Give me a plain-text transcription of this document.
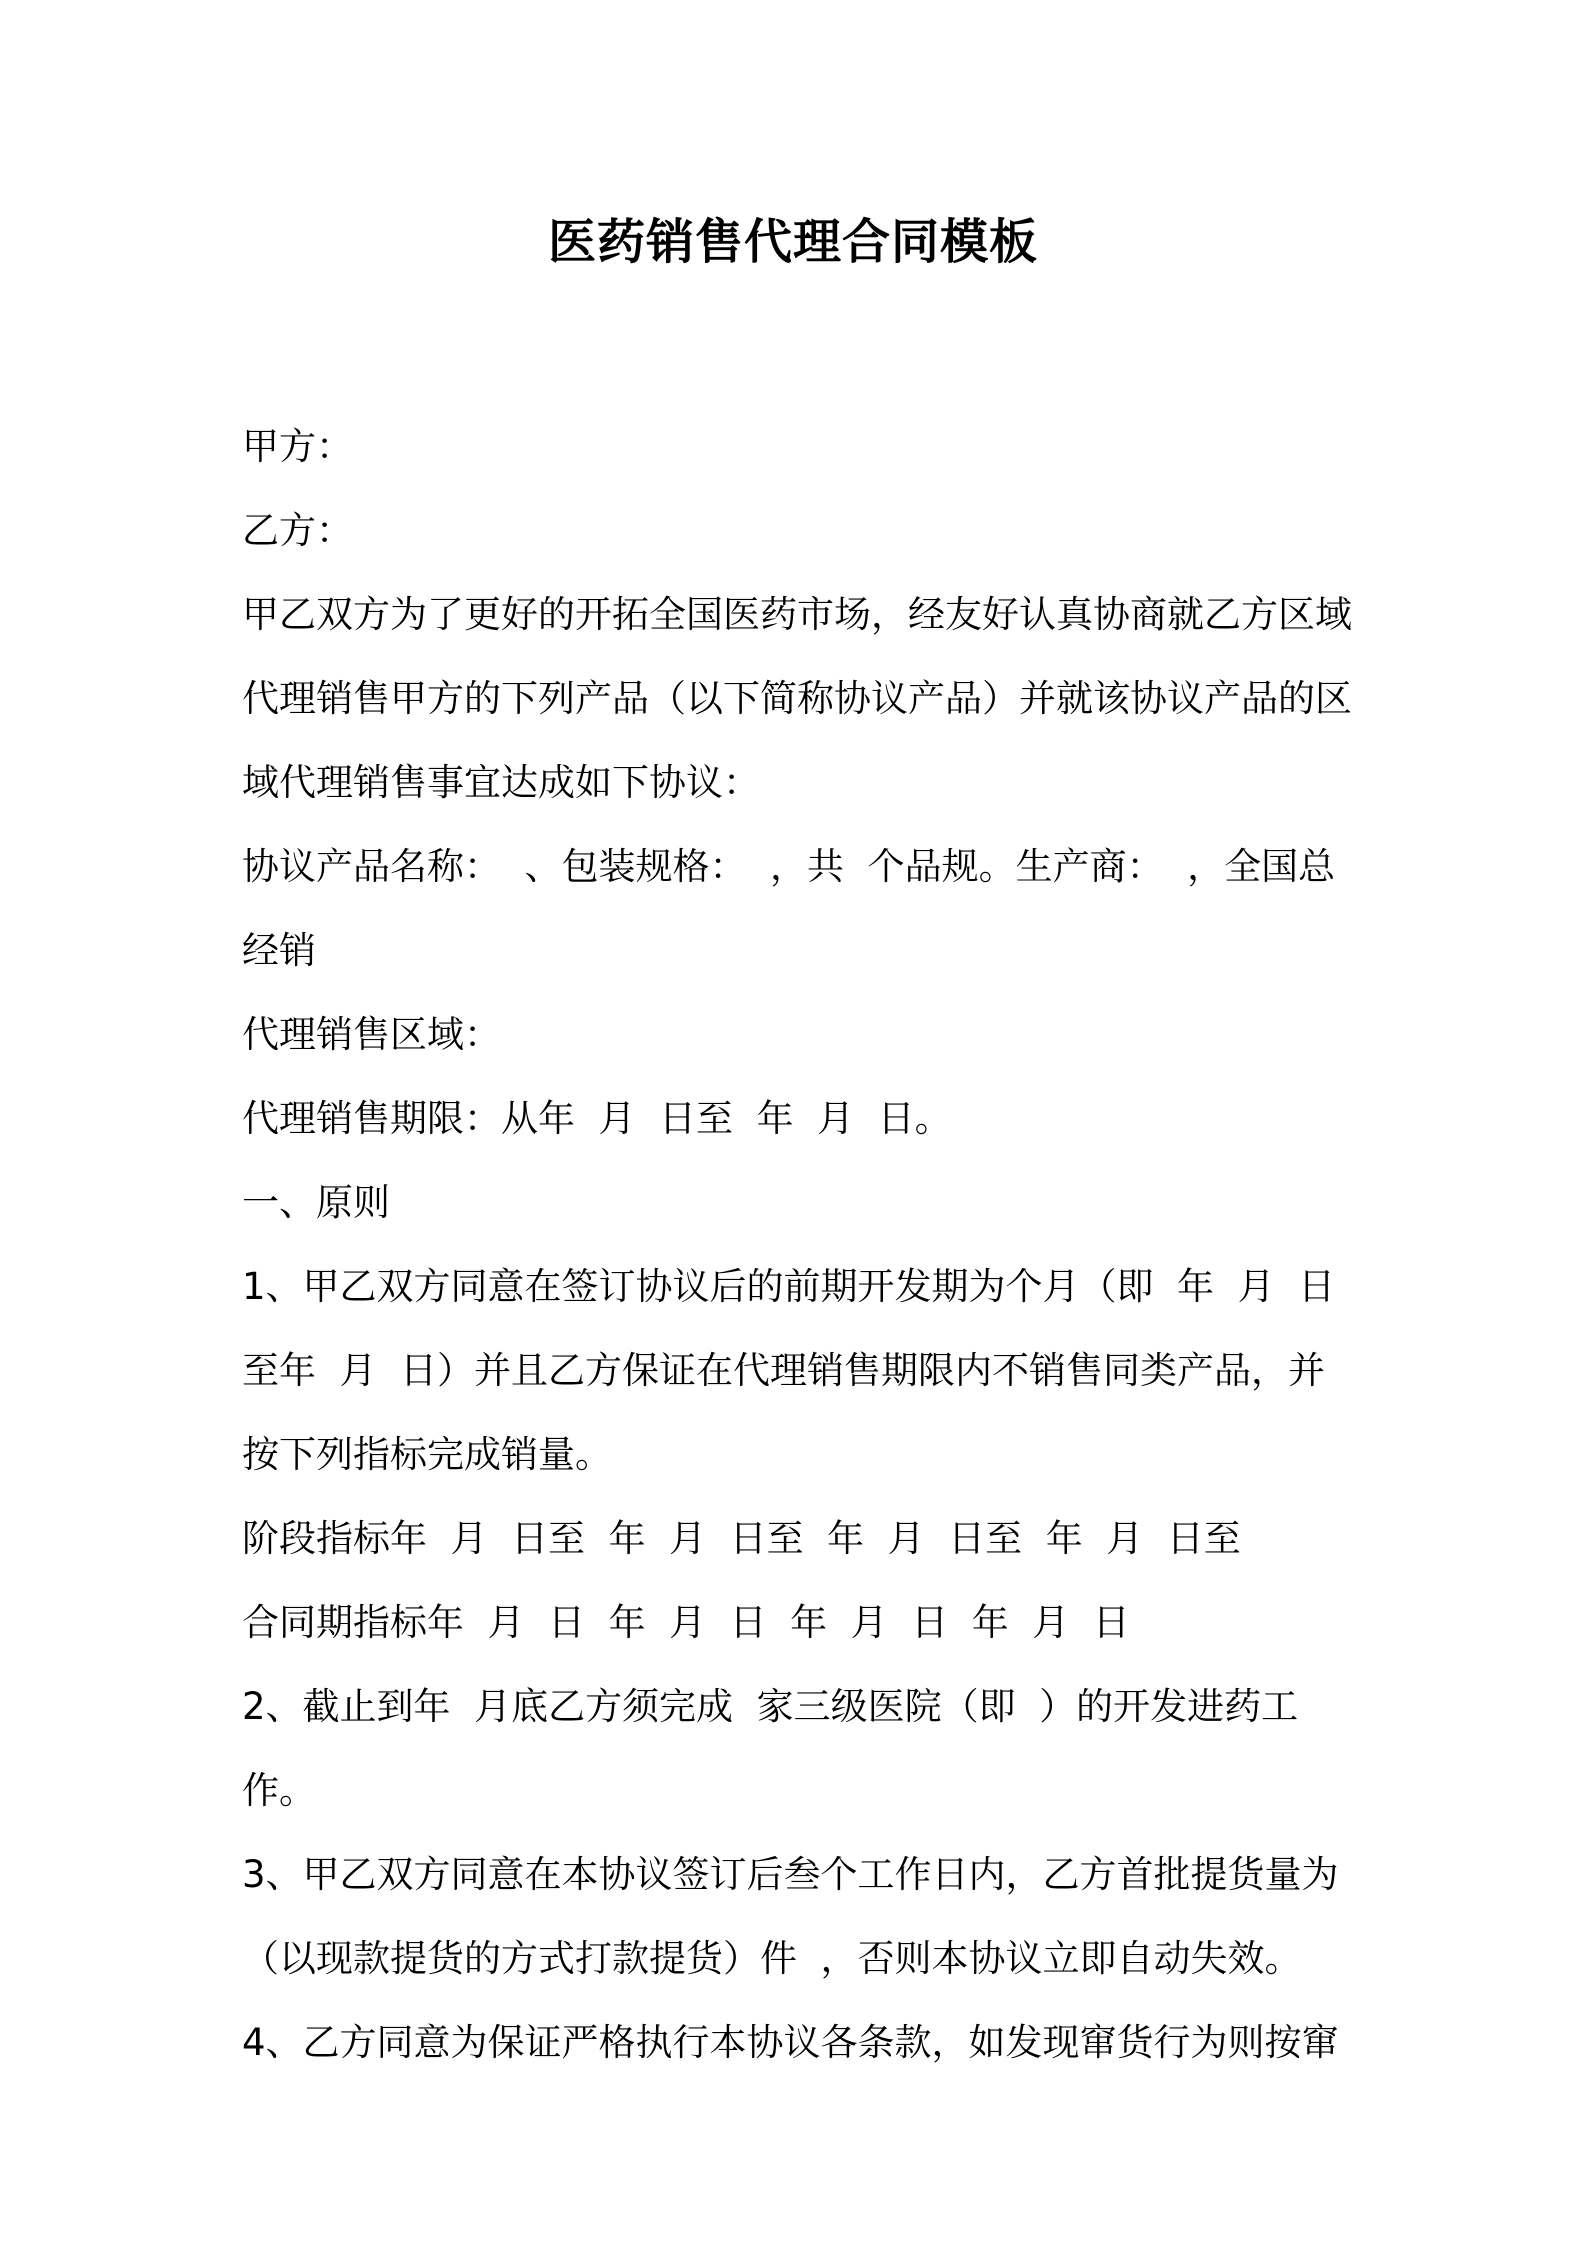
医药销售代理合同模板

甲方：

乙方：

甲乙双方为了更好的开拓全国医药市场，经友好认真协商就乙方区域代理销售甲方的下列产品（以下简称协议产品）并就该协议产品的区域代理销售事宜达成如下协议：

协议产品名称：  、包装规格：  ，共  个品规。生产商：  ，全国总经销

代理销售区域：

代理销售期限：从年  月  日至  年  月  日。

一、原则

1、甲乙双方同意在签订协议后的前期开发期为个月（即  年  月  日至年  月  日）并且乙方保证在代理销售期限内不销售同类产品，并按下列指标完成销量。

阶段指标年  月  日至  年  月  日至  年  月  日至  年  月  日至

合同期指标年  月  日  年  月  日  年  月  日  年  月  日

2、截止到年  月底乙方须完成  家三级医院（即  ）的开发进药工作。

3、甲乙双方同意在本协议签订后叁个工作日内，乙方首批提货量为（以现款提货的方式打款提货）件  ，否则本协议立即自动失效。

4、乙方同意为保证严格执行本协议各条款，如发现窜货行为则按窜
